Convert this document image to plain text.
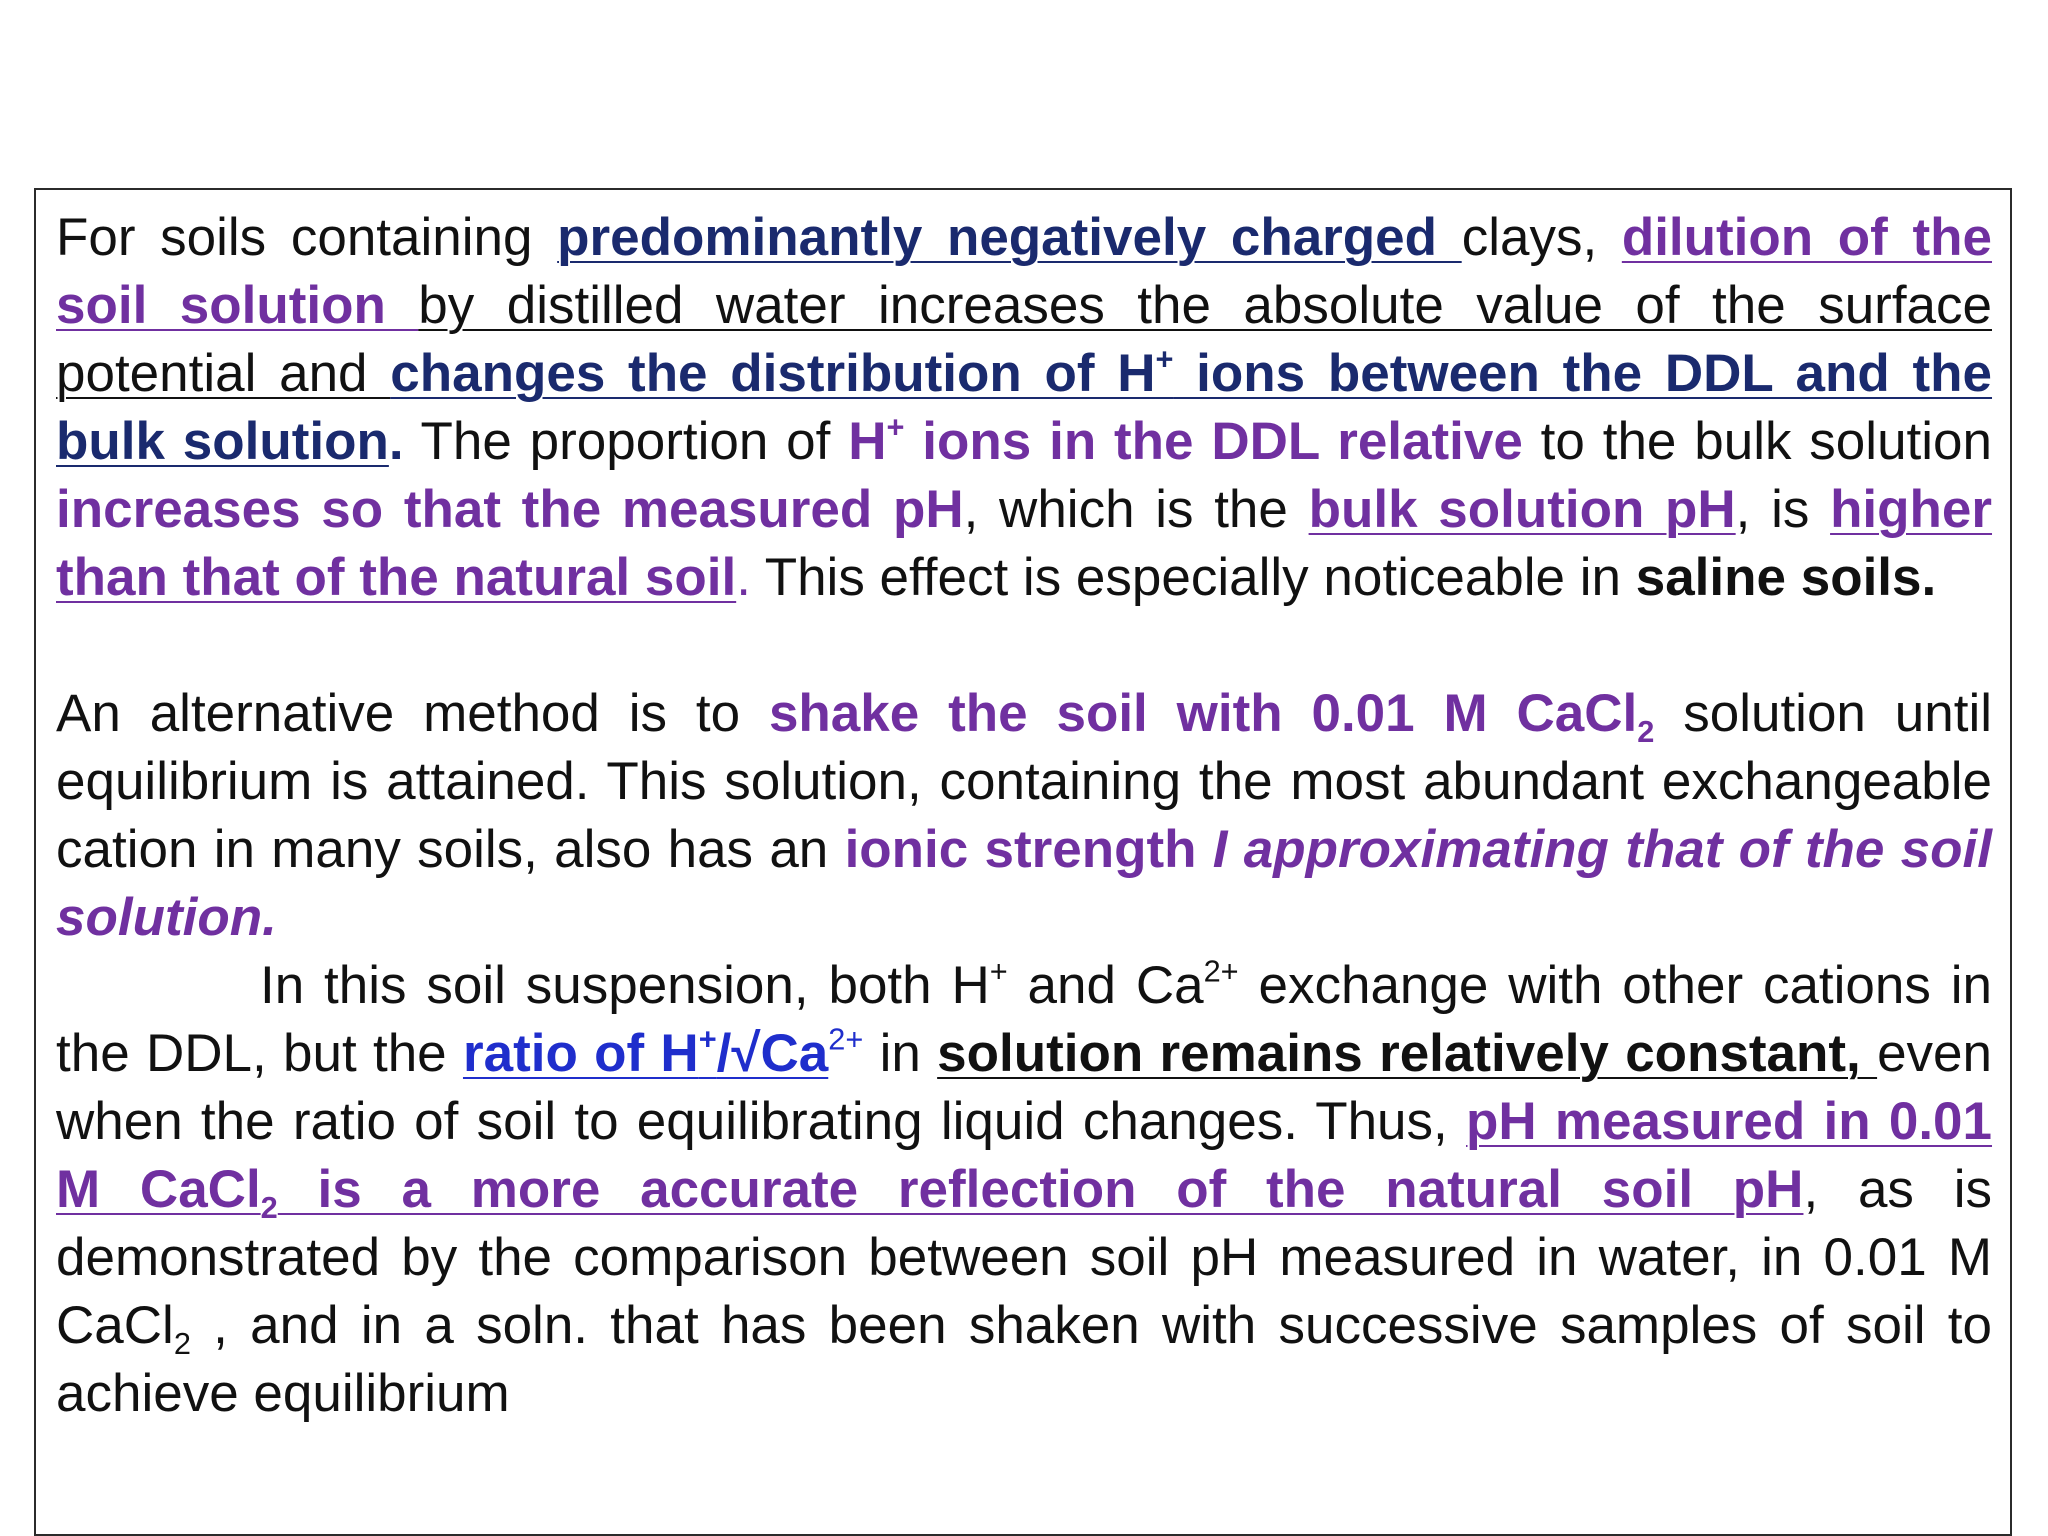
For soils containing predominantly negatively charged clays, dilution of the soil solution by distilled water increases the absolute value of the surface potential and changes the distribution of H+ ions between the DDL and the bulk solution. The proportion of H+ ions in the DDL relative to the bulk solution increases so that the measured pH, which is the bulk solution pH, is higher than that of the natural soil. This effect is especially noticeable in saline soils.

An alternative method is to shake the soil with 0.01 M CaCl$_2$ solution until equilibrium is attained. This solution, containing the most abundant exchangeable cation in many soils, also has an ionic strength I approximating that of the soil solution.

In this soil suspension, both H+ and $Ca^{2+}$ exchange with other cations in the DDL, but the ratio of $H^+/√Ca^{2+}$ in solution remains relatively constant, even when the ratio of soil to equilibrating liquid changes. Thus, pH measured in 0.01 M CaCl$_2$ is a more accurate reflection of the natural soil pH, as is demonstrated by the comparison between soil pH measured in water, in 0.01 M CaCl$_2$ , and in a soln. that has been shaken with successive samples of soil to achieve equilibrium
